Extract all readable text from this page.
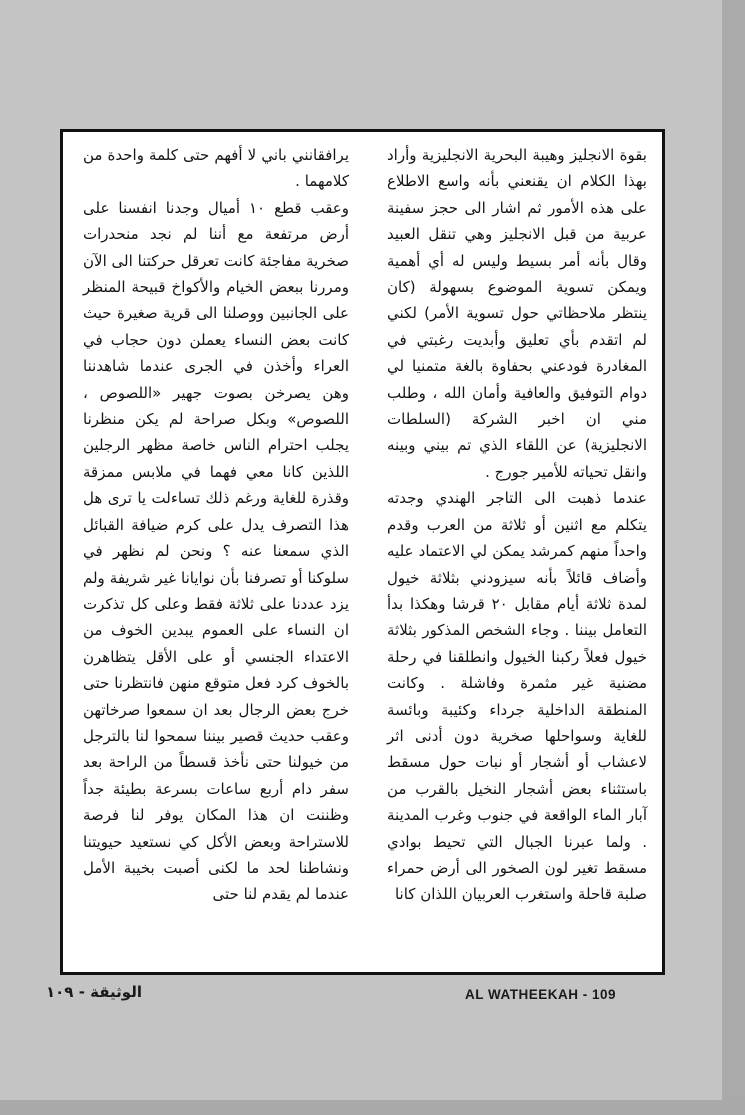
بقوة الانجليز وهيبة البحرية الانجليزية وأراد بهذا الكلام ان يقنعني بأنه واسع الاطلاع على هذه الأمور ثم اشار الى حجز سفينة عربية من قبل الانجليز وهي تنقل العبيد وقال بأنه أمر بسيط وليس له أي أهمية ويمكن تسوية الموضوع بسهولة (كان ينتظر ملاحظاتي حول تسوية الأمر) لكني لم اتقدم بأي تعليق وأبديت رغبتي في المغادرة فودعني بحفاوة بالغة متمنيا لي دوام التوفيق والعافية وأمان الله ، وطلب مني ان اخبر الشركة (السلطات الانجليزية) عن اللقاء الذي تم بيني وبينه وانقل تحياته للأمير جورج .

عندما ذهبت الى التاجر الهندي وجدته يتكلم مع اثنين أو ثلاثة من العرب وقدم واحداً منهم كمرشد يمكن لي الاعتماد عليه وأضاف قائلاً بأنه سيزودني بثلاثة خيول لمدة ثلاثة أيام مقابل ٢٠ قرشا وهكذا بدأ التعامل بيننا . وجاء الشخص المذكور بثلاثة خيول فعلاً ركبنا الخيول وانطلقنا في رحلة مضنية غير مثمرة وفاشلة . وكانت المنطقة الداخلية جرداء وكئيبة وبائسة للغاية وسواحلها صخرية دون أدنى اثر لاعشاب أو أشجار أو نبات حول مسقط باستثناء بعض أشجار النخيل بالقرب من آبار الماء الواقعة في جنوب وغرب المدينة . ولما عبرنا الجبال التي تحيط بوادي مسقط تغير لون الصخور الى أرض حمراء صلبة قاحلة واستغرب العربيان اللذان كانا

يرافقانني باني لا أفهم حتى كلمة واحدة من كلامهما .

وعقب قطع ١٠ أميال وجدنا انفسنا على أرض مرتفعة مع أننا لم نجد منحدرات صخرية مفاجئة كانت تعرقل حركتنا الى الآن ومررنا ببعض الخيام والأكواخ قبيحة المنظر على الجانبين ووصلنا الى قرية صغيرة حيث كانت بعض النساء يعملن دون حجاب في العراء وأخذن في الجرى عندما شاهدننا وهن يصرخن بصوت جهير «اللصوص ، اللصوص» وبكل صراحة لم يكن منظرنا يجلب احترام الناس خاصة مظهر الرجلين اللذين كانا معي فهما في ملابس ممزقة وقذرة للغاية ورغم ذلك تساءلت يا ترى هل هذا التصرف يدل على كرم ضيافة القبائل الذي سمعنا عنه ؟ ونحن لم نظهر في سلوكنا أو تصرفنا بأن نوايانا غير شريفة ولم يزد عددنا على ثلاثة فقط وعلى كل تذكرت ان النساء على العموم يبدين الخوف من الاعتداء الجنسي أو على الأقل يتظاهرن بالخوف كرد فعل متوقع منهن فانتظرنا حتى خرج بعض الرجال بعد ان سمعوا صرخاتهن وعقب حديث قصير بيننا سمحوا لنا بالترجل من خيولنا حتى نأخذ قسطاً من الراحة بعد سفر دام أربع ساعات بسرعة بطيئة جداً وظننت ان هذا المكان يوفر لنا فرصة للاستراحة وبعض الأكل كي نستعيد حيويتنا ونشاطنا لحد ما لكنى أصبت بخيبة الأمل عندما لم يقدم لنا حتى

الوثيقة - ١٠٩	AL WATHEEKAH - 109
